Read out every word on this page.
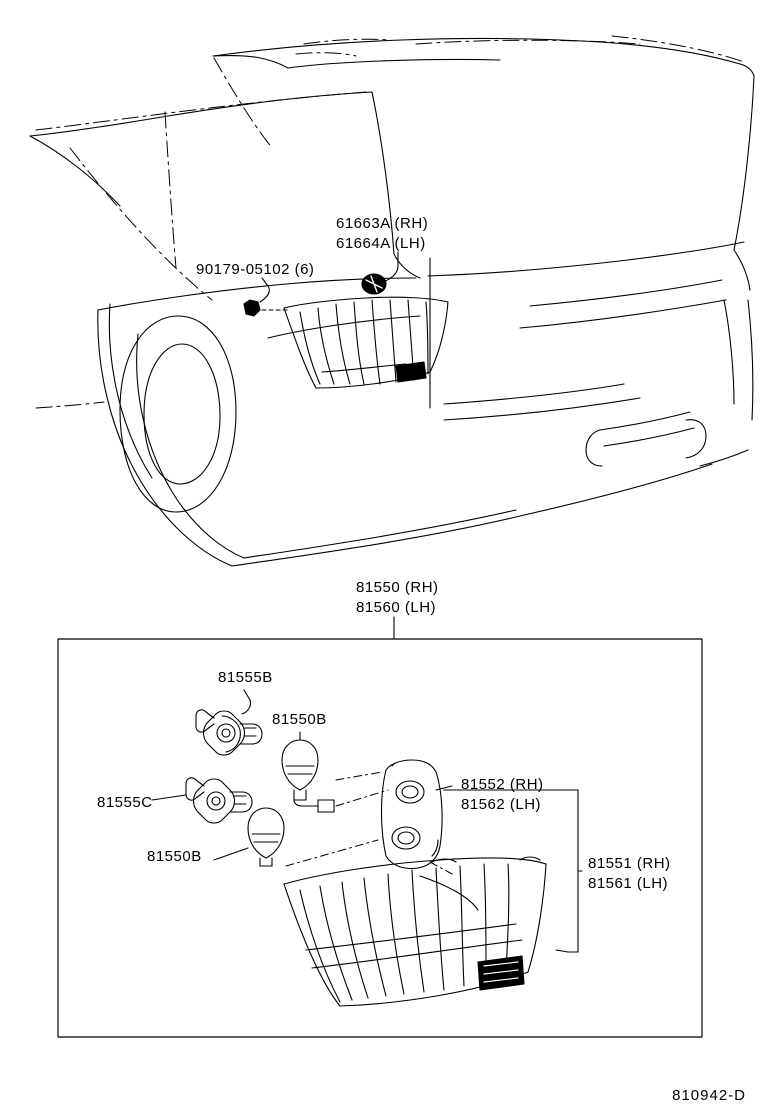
61663A (RH)
61664A (LH)
90179-05102 (6)
81550 (RH)
81560 (LH)
81555B
81550B
81555C
81550B
81552 (RH)
81562 (LH)
81551 (RH)
81561 (LH)
810942-D
